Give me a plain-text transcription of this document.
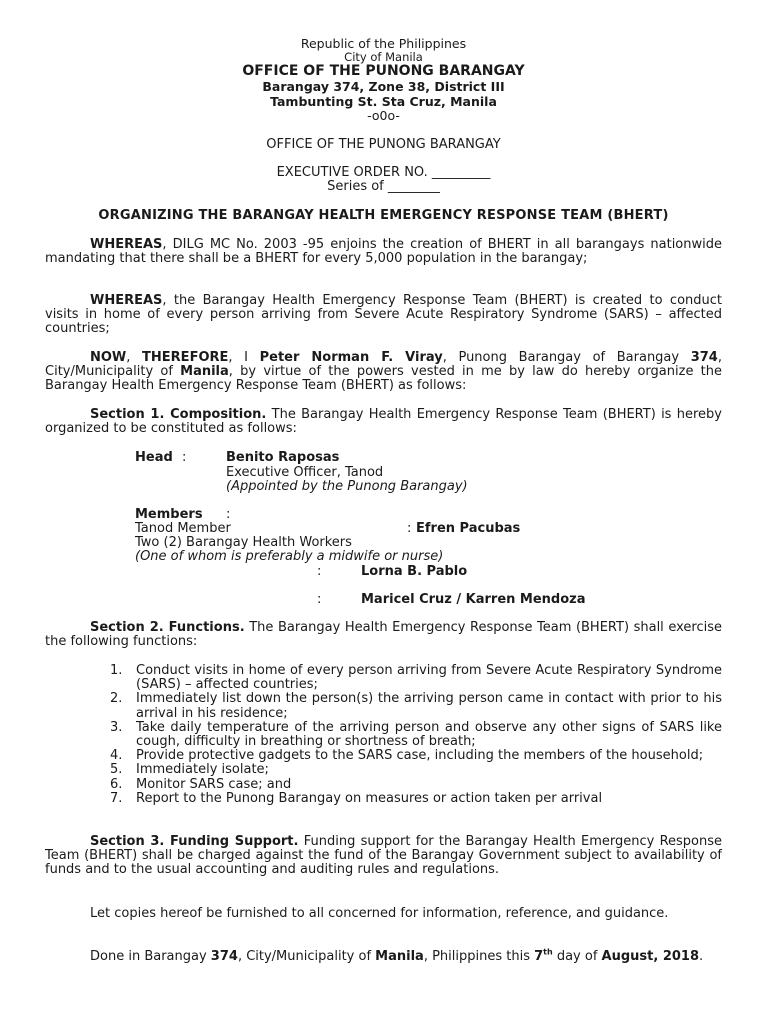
Republic of the Philippines
City of Manila
OFFICE OF THE PUNONG BARANGAY
Barangay 374, Zone 38, District III
Tambunting St. Sta Cruz, Manila
-o0o-
OFFICE OF THE PUNONG BARANGAY
EXECUTIVE ORDER NO. _________
Series of ________
ORGANIZING THE BARANGAY HEALTH EMERGENCY RESPONSE TEAM (BHERT)
WHEREAS, DILG MC No. 2003 -95 enjoins the creation of BHERT in all barangays nationwide mandating that there shall be a BHERT for every 5,000 population in the barangay;
WHEREAS, the Barangay Health Emergency Response Team (BHERT) is created to conduct visits in home of every person arriving from Severe Acute Respiratory Syndrome (SARS) – affected countries;
NOW, THEREFORE, I Peter Norman F. Viray, Punong Barangay of Barangay 374, City/Municipality of Manila, by virtue of the powers vested in me by law do hereby organize the Barangay Health Emergency Response Team (BHERT) as follows:
Section 1. Composition. The Barangay Health Emergency Response Team (BHERT) is hereby organized to be constituted as follows:
Head :	Benito Raposas
Executive Officer, Tanod
(Appointed by the Punong Barangay)
Members :
Tanod Member	: Efren Pacubas
Two (2) Barangay Health Workers
(One of whom is preferably a midwife or nurse)
:	Lorna B. Pablo
:	Maricel Cruz / Karren Mendoza
Section 2. Functions. The Barangay Health Emergency Response Team (BHERT) shall exercise the following functions:
1.	Conduct visits in home of every person arriving from Severe Acute Respiratory Syndrome (SARS) – affected countries;
2.	Immediately list down the person(s) the arriving person came in contact with prior to his arrival in his residence;
3.	Take daily temperature of the arriving person and observe any other signs of SARS like cough, difficulty in breathing or shortness of breath;
4.	Provide protective gadgets to the SARS case, including the members of the household;
5.	Immediately isolate;
6.	Monitor SARS case; and
7.	Report to the Punong Barangay on measures or action taken per arrival
Section 3. Funding Support. Funding support for the Barangay Health Emergency Response Team (BHERT) shall be charged against the fund of the Barangay Government subject to availability of funds and to the usual accounting and auditing rules and regulations.
Let copies hereof be furnished to all concerned for information, reference, and guidance.
Done in Barangay 374, City/Municipality of Manila, Philippines this 7th day of August, 2018.
